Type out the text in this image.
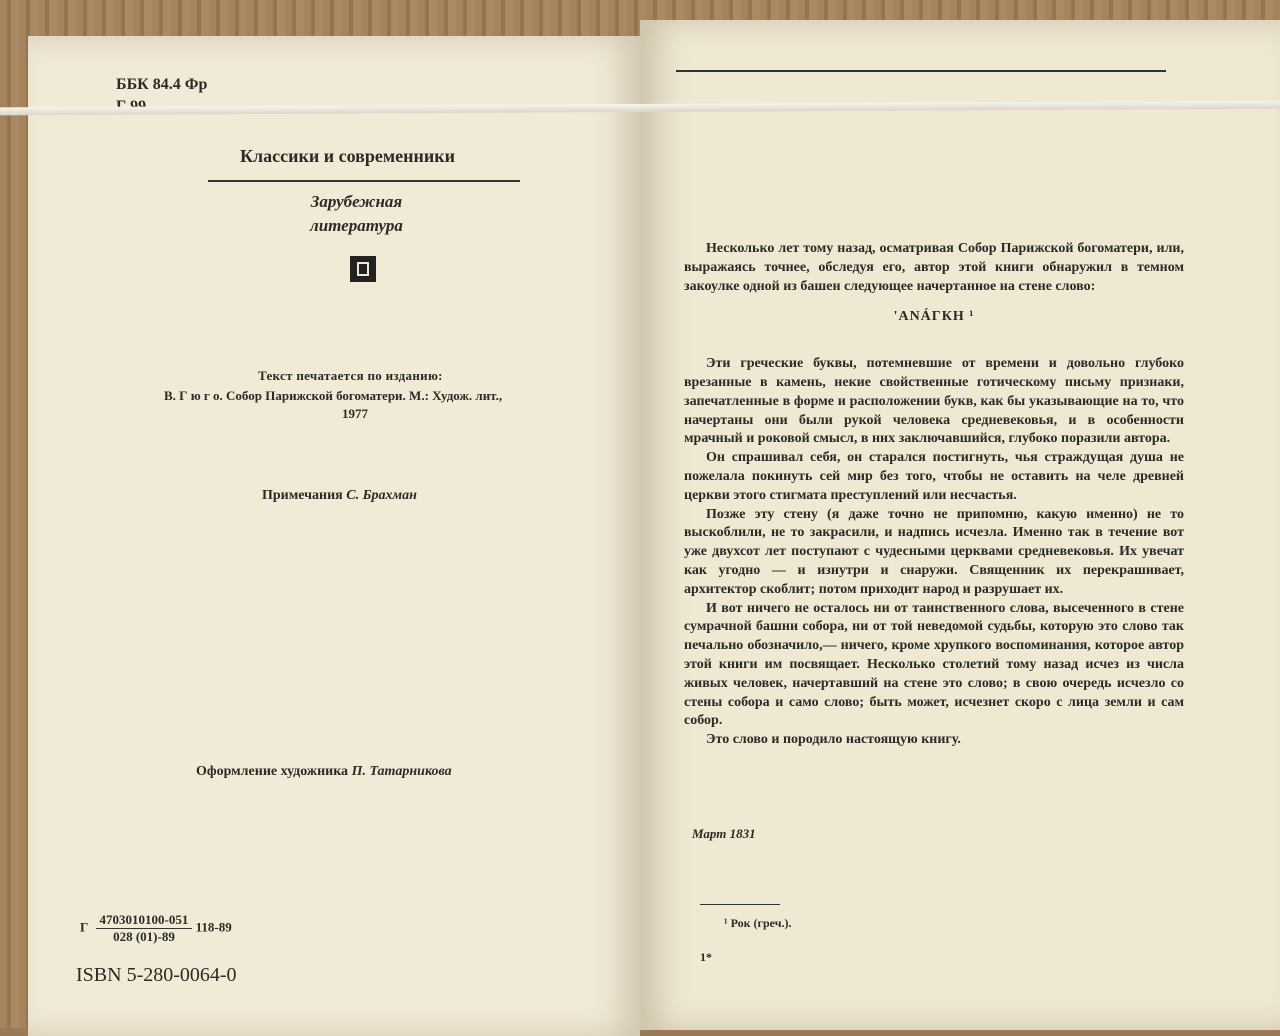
ББК 84.4 Фр
Классики и современники
Зарубежная
литература
Текст печатается по изданию:
В. Г ю г о. Собор Парижской богоматери. М.: Худож. лит.,
1977
Примечания С. Брахман
Оформление художника П. Татарникова
Г $\frac{4703010100-051}{028 (01)-89} 118-89$
ISBN 5-280-0064-0

Несколько лет тому назад, осматривая Собор Парижской богоматери, или, выражаясь точнее, обследуя его, автор этой книги обнаружил в темном закоулке одной из башен следующее начертанное на стене слово:

'ANÁГКН ¹

Эти греческие буквы, потемневшие от времени и довольно глубоко врезанные в камень, некие свойственные готическому письму признаки, запечатленные в форме и расположении букв, как бы указывающие на то, что начертаны они были рукой человека средневековья, и в особенности мрачный и роковой смысл, в них заключавшийся, глубоко поразили автора.

Он спрашивал себя, он старался постигнуть, чья страждущая душа не пожелала покинуть сей мир без того, чтобы не оставить на челе древней церкви этого стигмата преступлений или несчастья.

Позже эту стену (я даже точно не припомню, какую именно) не то выскоблили, не то закрасили, и надпись исчезла. Именно так в течение вот уже двухсот лет поступают с чудесными церквами средневековья. Их увечат как угодно — и изнутри и снаружи. Священник их перекрашивает, архитектор скоблит; потом приходит народ и разрушает их.

И вот ничего не осталось ни от таинственного слова, высеченного в стене сумрачной башни собора, ни от той неведомой судьбы, которую это слово так печально обозначило,— ничего, кроме хрупкого воспоминания, которое автор этой книги им посвящает. Несколько столетий тому назад исчез из числа живых человек, начертавший на стене это слово; в свою очередь исчезло со стены собора и само слово; быть может, исчезнет скоро с лица земли и сам собор.

Это слово и породило настоящую книгу.

Март 1831
¹ Рок (греч.).
1*
